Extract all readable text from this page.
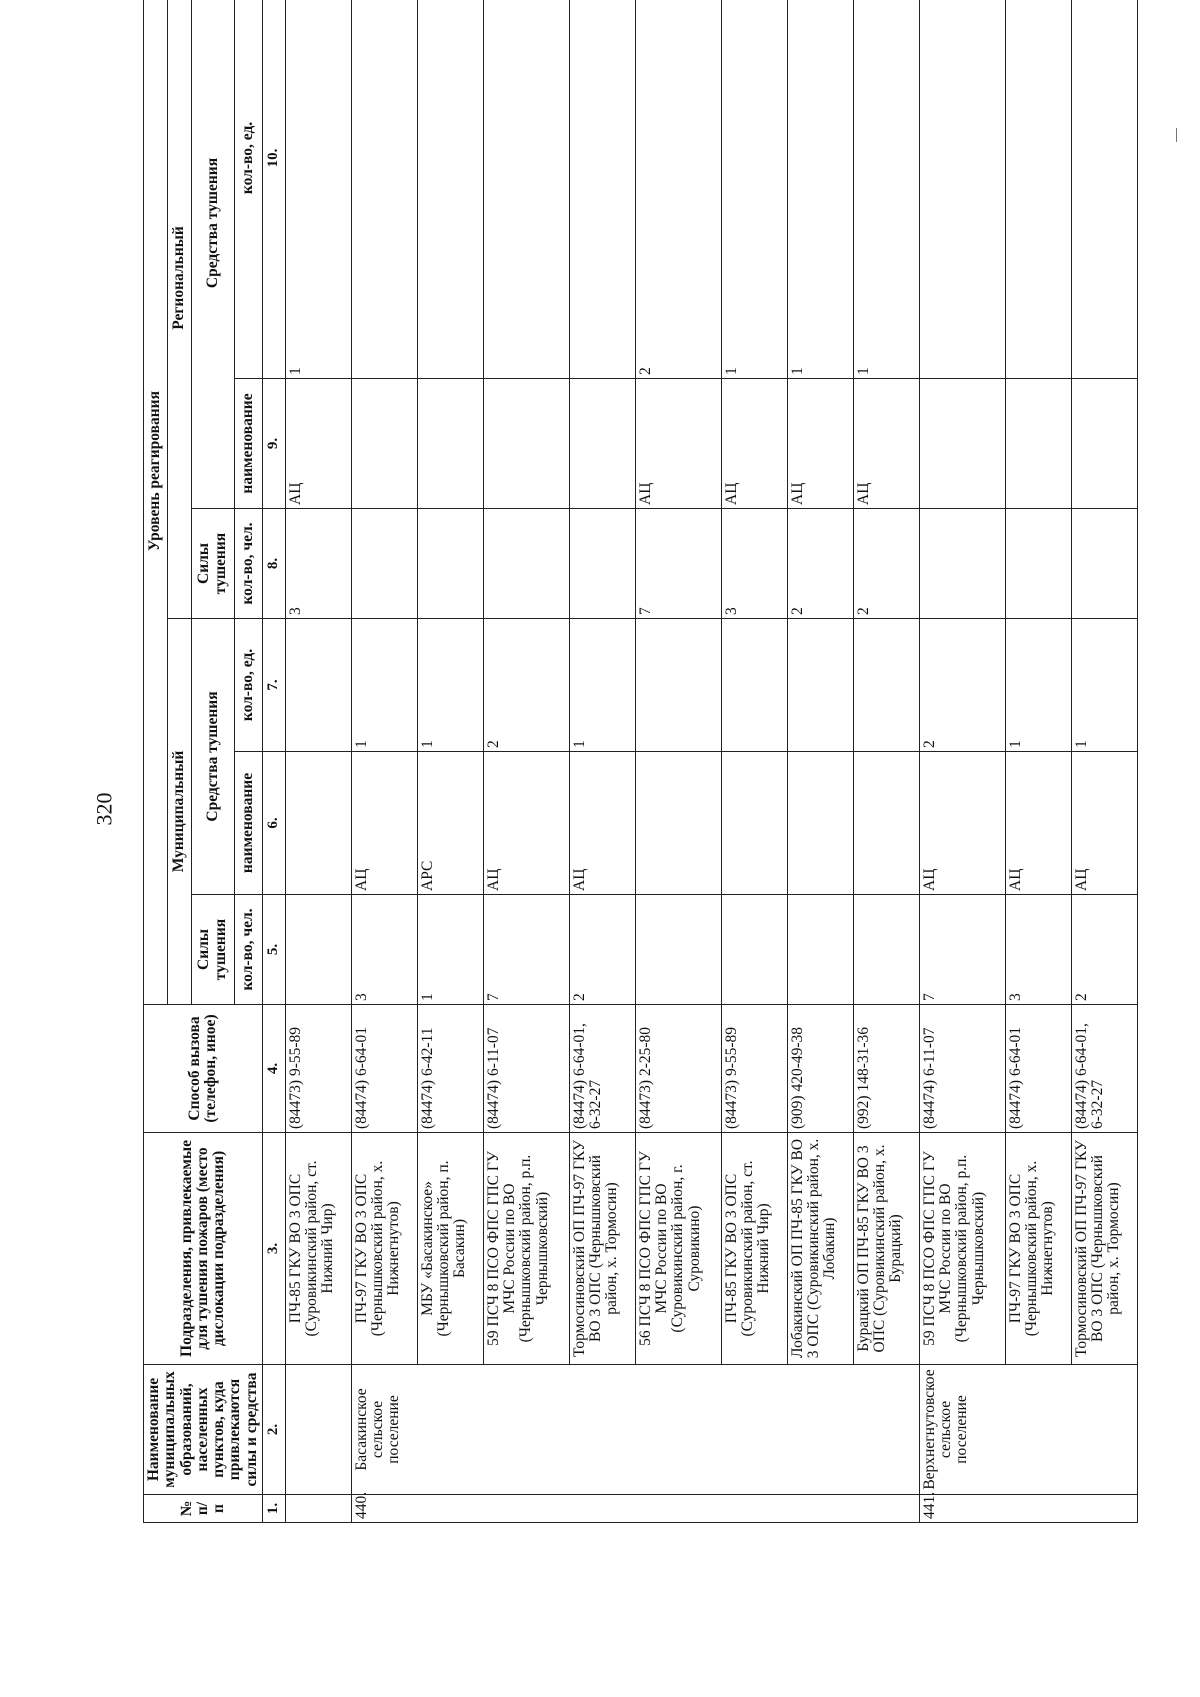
320
№ п/п	Наименование муниципальных образований, населенных пунктов, куда привлекаются силы и средства	Подразделения, привлекаемые для тушения пожаров (место дислокации подразделения)	Способ вызова (телефон, иное)	Уровень реагирования					
				Муниципальный			Региональный		
				Силы тушения	Средства тушения		Силы тушения	Средства тушения	
				кол-во, чел.	наименование	кол-во, ед.	кол-во, чел.	наименование	кол-во, ед.
1.	2.	3.	4.	5.	6.	7.	8.	9.	10.
		ПЧ-85 ГКУ ВО 3 ОПС (Суровикинский район, ст. Нижний Чир)	(84473) 9-55-89				3	АЦ	1
440.	Басакинское сельское поселение	ПЧ-97 ГКУ ВО 3 ОПС (Чернышковский район, х. Нижнегнутов)	(84474) 6-64-01	3	АЦ	1			
		МБУ «Басакинское» (Чернышковский район, п. Басакин)	(84474) 6-42-11	1	АРС	1			
		59 ПСЧ 8 ПСО ФПС ГПС ГУ МЧС России по ВО (Чернышковский район, р.п. Чернышковский)	(84474) 6-11-07	7	АЦ	2			
		Тормосиновский ОП ПЧ-97 ГКУ ВО 3 ОПС (Чернышковский район, х. Тормосин)	(84474) 6-64-01, 6-32-27	2	АЦ	1			
		56 ПСЧ 8 ПСО ФПС ГПС ГУ МЧС России по ВО (Суровикинский район, г. Суровикино)	(84473) 2-25-80				7	АЦ	2
		ПЧ-85 ГКУ ВО 3 ОПС (Суровикинский район, ст. Нижний Чир)	(84473) 9-55-89				3	АЦ	1
		Лобакинский ОП ПЧ-85 ГКУ ВО 3 ОПС (Суровикинский район, х. Лобакин)	(909) 420-49-38				2	АЦ	1
		Бурацкий ОП ПЧ-85 ГКУ ВО 3 ОПС (Суровикинский район, х. Бурацкий)	(992) 148-31-36				2	АЦ	1
441.	Верхнегнутовское сельское поселение	59 ПСЧ 8 ПСО ФПС ГПС ГУ МЧС России по ВО (Чернышковский район, р.п. Чернышковский)	(84474) 6-11-07	7	АЦ	2			
		ПЧ-97 ГКУ ВО 3 ОПС (Чернышковский район, х. Нижнегнутов)	(84474) 6-64-01	3	АЦ	1			
		Тормосиновский ОП ПЧ-97 ГКУ ВО 3 ОПС (Чернышковский район, х. Тормосин)	(84474) 6-64-01, 6-32-27	2	АЦ	1			
